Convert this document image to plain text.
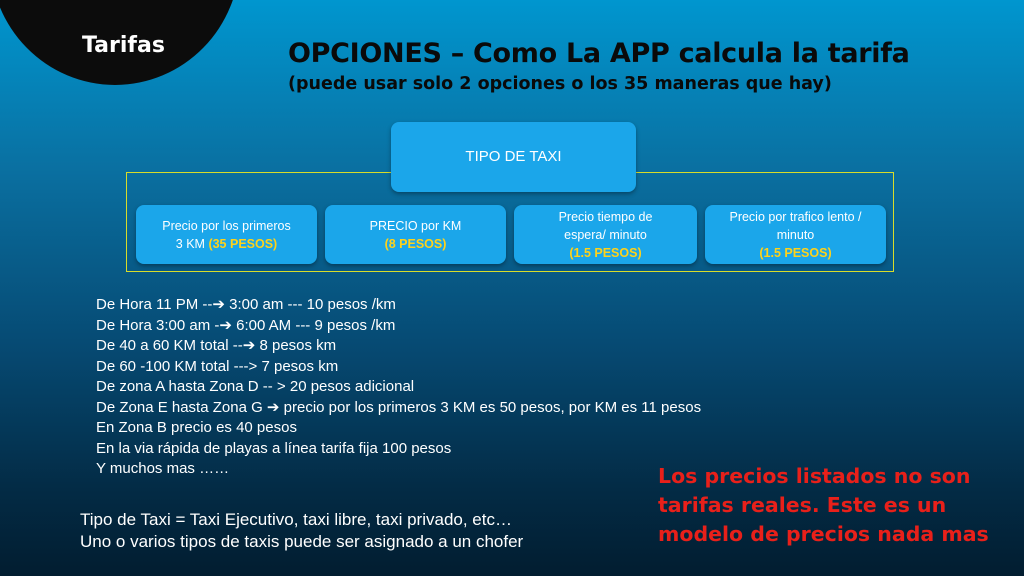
Tarifas	OPCIONES – Como La APP calcula la tarifa
(puede usar solo 2 opciones o los 35 maneras que hay)
TIPO DE TAXI
Precio por los primeros
3 KM (35 PESOS)
PRECIO por KM
(8 PESOS)
Precio tiempo de
espera/ minuto
(1.5 PESOS)
Precio por trafico lento /
minuto
(1.5 PESOS)
De Hora 11 PM --➔ 3:00 am --- 10 pesos /km
De Hora 3:00 am -➔ 6:00 AM --- 9 pesos /km
De 40 a 60 KM total --➔ 8 pesos km
De 60 -100 KM total ---> 7 pesos km
De zona A hasta Zona D -- > 20 pesos adicional
De Zona E hasta Zona G ➔ precio por los primeros 3 KM es 50 pesos, por KM es 11 pesos
En Zona B precio es 40 pesos
En la via rápida de playas a línea tarifa fija 100 pesos
Y muchos mas ……
Tipo de Taxi = Taxi Ejecutivo, taxi libre, taxi privado, etc…
Uno o varios tipos de taxis puede ser asignado a un chofer
Los precios listados no son tarifas reales. Este es un modelo de precios nada mas
